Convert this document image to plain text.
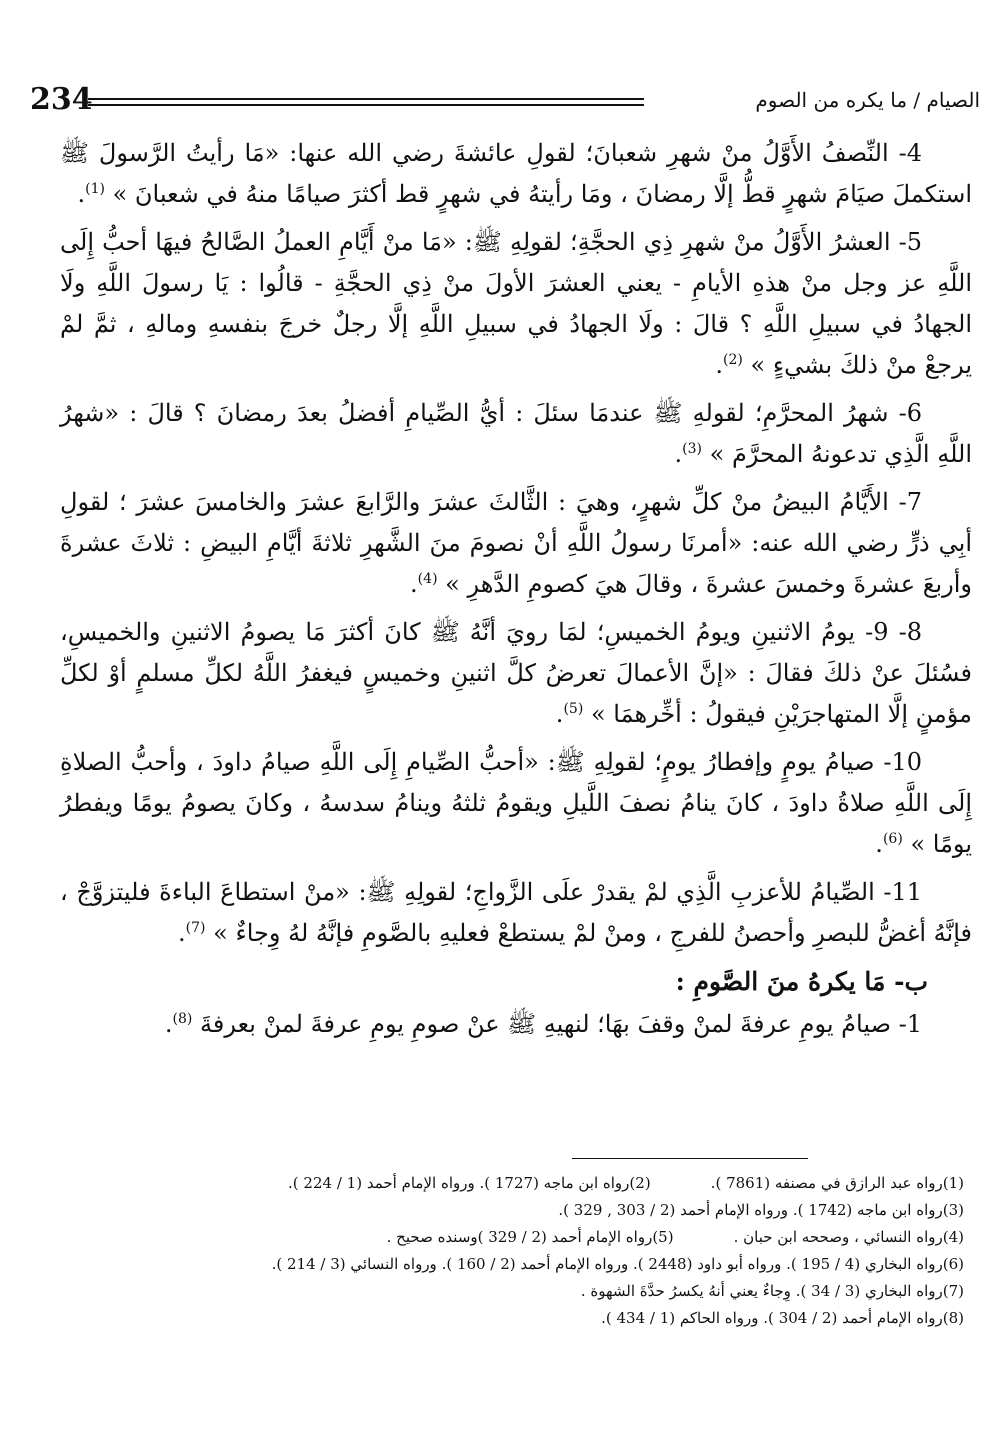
234	الصيام / ما يكره من الصوم

4- النِّصفُ الأَوَّلُ منْ شهرِ شعبانَ؛ لقولِ عائشةَ رضي الله عنها: «مَا رأيتُ الرَّسولَ ﷺ استكملَ صيَامَ شهرٍ قطُّ إلَّا رمضانَ ، ومَا رأيتهُ في شهرٍ قط أكثرَ صيامًا منهُ في شعبانَ » $^{(1)}$.

5- العشرُ الأَوَّلُ منْ شهرِ ذِي الحجَّةِ؛ لقولِهِ ﷺ: «مَا منْ أَيَّامِ العملُ الصَّالحُ فيهَا أحبُّ إِلَى اللَّهِ عز وجل منْ هذهِ الأيامِ - يعني العشرَ الأولَ منْ ذِي الحجَّةِ - قالُوا : يَا رسولَ اللَّهِ ولَا الجهادُ في سبيلِ اللَّهِ ؟ قالَ : ولَا الجهادُ في سبيلِ اللَّهِ إلَّا رجلٌ خرجَ بنفسهِ ومالهِ ، ثمَّ لمْ يرجعْ منْ ذلكَ بشيءٍ » $^{(2)}$.

6- شهرُ المحرَّمِ؛ لقولهِ ﷺ عندمَا سئلَ : أيُّ الصِّيامِ أفضلُ بعدَ رمضانَ ؟ قالَ : «شهرُ اللَّهِ الَّذِي تدعونهُ المحرَّمَ » $^{(3)}$.

7- الأَيَّامُ البيضُ منْ كلِّ شهرٍ، وهيَ : الثَّالثَ عشرَ والرَّابعَ عشرَ والخامسَ عشرَ ؛ لقولِ أبِي ذرٍّ رضي الله عنه: «أمرنَا رسولُ اللَّهِ أنْ نصومَ منَ الشَّهرِ ثلاثةَ أيَّامِ البيضِ : ثلاثَ عشرةَ وأربعَ عشرةَ وخمسَ عشرةَ ، وقالَ هيَ كصومِ الدَّهرِ » $^{(4)}$.

8- 9- يومُ الاثنينِ ويومُ الخميسِ؛ لمَا رويَ أنَّهُ ﷺ كانَ أكثرَ مَا يصومُ الاثنينِ والخميسِ، فسُئلَ عنْ ذلكَ فقالَ : «إنَّ الأعمالَ تعرضُ كلَّ اثنينِ وخميسٍ فيغفرُ اللَّهُ لكلِّ مسلمٍ أوْ لكلِّ مؤمنٍ إلَّا المتهاجرَيْنِ فيقولُ : أخِّرهمَا » $^{(5)}$.

10- صيامُ يومٍ وإفطارُ يومٍ؛ لقولِهِ ﷺ: «أحبُّ الصِّيامِ إِلَى اللَّهِ صيامُ داودَ ، وأحبُّ الصلاةِ إِلَى اللَّهِ صلاةُ داودَ ، كانَ ينامُ نصفَ اللَّيلِ ويقومُ ثلثهُ وينامُ سدسهُ ، وكانَ يصومُ يومًا ويفطرُ يومًا » $^{(6)}$.

11- الصِّيامُ للأعزبِ الَّذِي لمْ يقدرْ علَى الزَّواجِ؛ لقولِهِ ﷺ: «منْ استطاعَ الباءةَ فليتزوَّجْ ، فإنَّهُ أغضُّ للبصرِ وأحصنُ للفرجِ ، ومنْ لمْ يستطعْ فعليهِ بالصَّومِ فإنَّهُ لهُ وِجاءٌ » $^{(7)}$.

ب- مَا يكرهُ منَ الصَّومِ :

1- صيامُ يومِ عرفةَ لمنْ وقفَ بهَا؛ لنهيهِ ﷺ عنْ صومِ يومِ عرفةَ لمنْ بعرفةَ $^{(8)}$.

(1)رواه عبد الرازق في مصنفه (7861 ).(2)رواه ابن ماجه (1727 ). ورواه الإمام أحمد (1 / 224 ).
(3)رواه ابن ماجه (1742 ). ورواه الإمام أحمد (2 / 303 , 329 ).
(4)رواه النسائي ، وصححه ابن حبان .(5)رواه الإمام أحمد (2 / 329 )وسنده صحيح .
(6)رواه البخاري (4 / 195 ). ورواه أبو داود (2448 ). ورواه الإمام أحمد (2 / 160 ). ورواه النسائي (3 / 214 ).
(7)رواه البخاري (3 / 34 ). وِجاءٌ يعني أنهُ يكسرُ حدَّةَ الشهوة .
(8)رواه الإمام أحمد (2 / 304 ). ورواه الحاكم (1 / 434 ).
